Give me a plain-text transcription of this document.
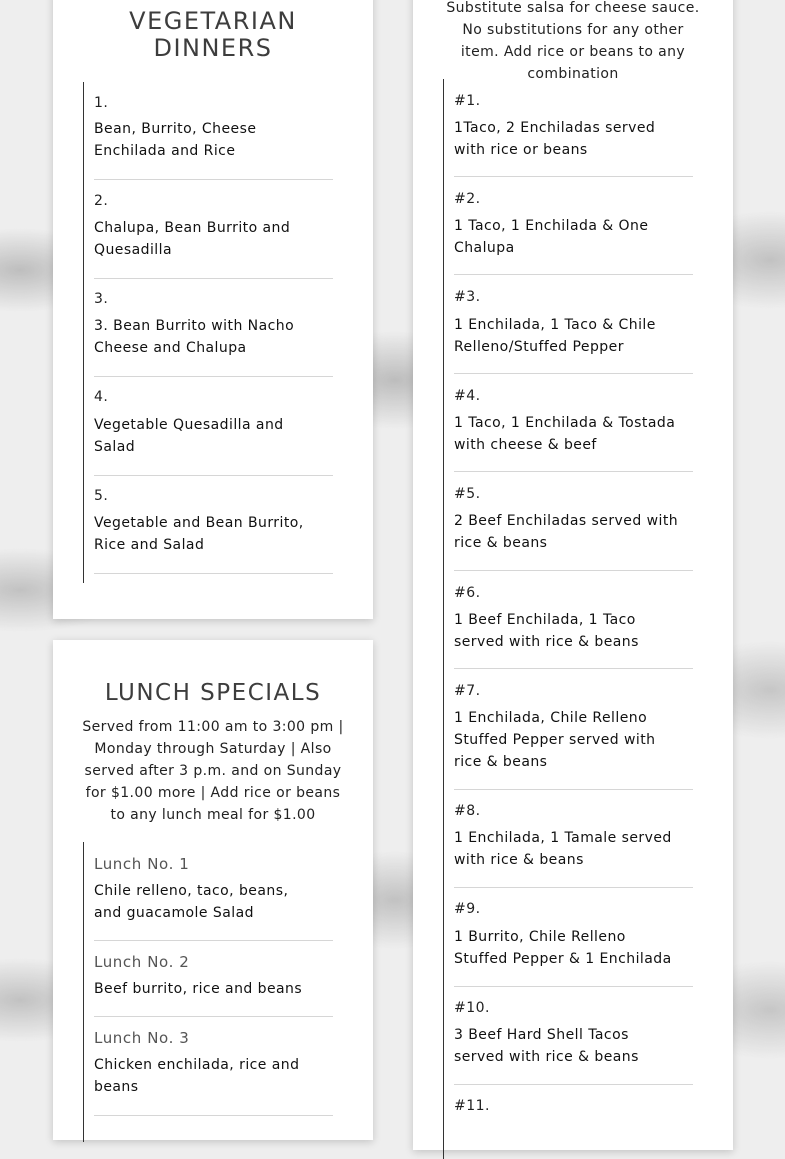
VEGETARIAN
DINNERS
1.
Bean, Burrito, Cheese Enchilada and Rice
2.
Chalupa, Bean Burrito and Quesadilla
3.
3. Bean Burrito with Nacho Cheese and Chalupa
4.
Vegetable Quesadilla and Salad
5.
Vegetable and Bean Burrito, Rice and Salad
LUNCH SPECIALS
Served from 11:00 am to 3:00 pm | Monday through Saturday | Also served after 3 p.m. and on Sunday for $1.00 more | Add rice or beans to any lunch meal for $1.00
Lunch No. 1
Chile relleno, taco, beans, and guacamole Salad
Lunch No. 2
Beef burrito, rice and beans
Lunch No. 3
Chicken enchilada, rice and beans
Substitute salsa for cheese sauce. No substitutions for any other item. Add rice or beans to any combination
#1.
1Taco, 2 Enchiladas served with rice or beans
#2.
1 Taco, 1 Enchilada & One Chalupa
#3.
1 Enchilada, 1 Taco & Chile Relleno/Stuffed Pepper
#4.
1 Taco, 1 Enchilada & Tostada with cheese & beef
#5.
2 Beef Enchiladas served with rice & beans
#6.
1 Beef Enchilada, 1 Taco served with rice & beans
#7.
1 Enchilada, Chile Relleno Stuffed Pepper served with rice & beans
#8.
1 Enchilada, 1 Tamale served with rice & beans
#9.
1 Burrito, Chile Relleno Stuffed Pepper & 1 Enchilada
#10.
3 Beef Hard Shell Tacos served with rice & beans
#11.
